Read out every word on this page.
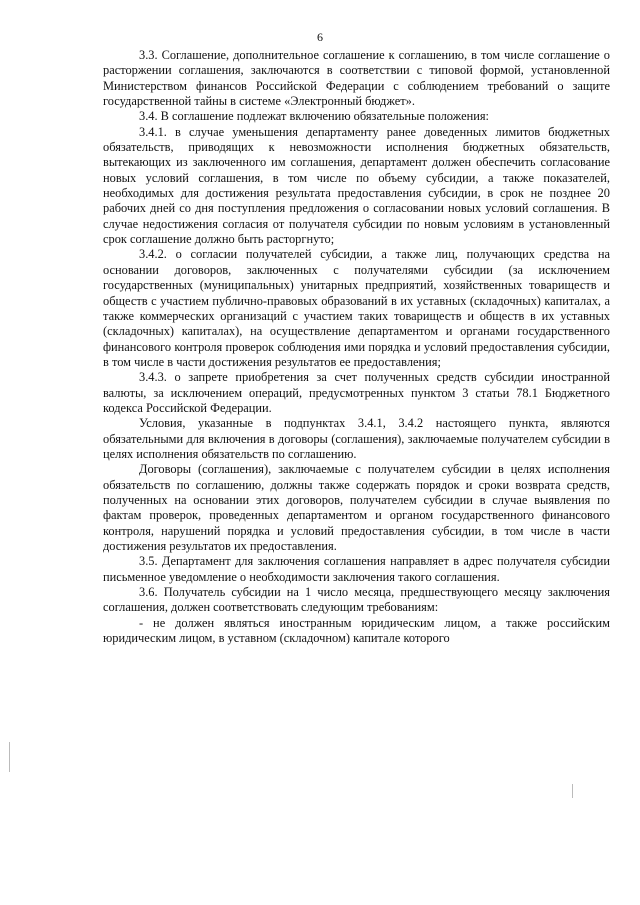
6

3.3. Соглашение, дополнительное соглашение к соглашению, в том числе соглашение о расторжении соглашения, заключаются в соответствии с типовой формой, установленной Министерством финансов Российской Федерации с соблюдением требований о защите государственной тайны в системе «Электронный бюджет».

3.4. В соглашение подлежат включению обязательные положения:

3.4.1. в случае уменьшения департаменту ранее доведенных лимитов бюджетных обязательств, приводящих к невозможности исполнения бюджетных обязательств, вытекающих из заключенного им соглашения, департамент должен обеспечить согласование новых условий соглашения, в том числе по объему субсидии, а также показателей, необходимых для достижения результата предоставления субсидии, в срок не позднее 20 рабочих дней со дня поступления предложения о согласовании новых условий соглашения. В случае недостижения согласия от получателя субсидии по новым условиям в установленный срок соглашение должно быть расторгнуто;

3.4.2. о согласии получателей субсидии, а также лиц, получающих средства на основании договоров, заключенных с получателями субсидии (за исключением государственных (муниципальных) унитарных предприятий, хозяйственных товариществ и обществ с участием публично-правовых образований в их уставных (складочных) капиталах, а также коммерческих организаций с участием таких товариществ и обществ в их уставных (складочных) капиталах), на осуществление департаментом и органами государственного финансового контроля проверок соблюдения ими порядка и условий предоставления субсидии, в том числе в части достижения результатов ее предоставления;

3.4.3. о запрете приобретения за счет полученных средств субсидии иностранной валюты, за исключением операций, предусмотренных пунктом 3 статьи 78.1 Бюджетного кодекса Российской Федерации.

Условия, указанные в подпунктах 3.4.1, 3.4.2 настоящего пункта, являются обязательными для включения в договоры (соглашения), заключаемые получателем субсидии в целях исполнения обязательств по соглашению.

Договоры (соглашения), заключаемые с получателем субсидии в целях исполнения обязательств по соглашению, должны также содержать порядок и сроки возврата средств, полученных на основании этих договоров, получателем субсидии в случае выявления по фактам проверок, проведенных департаментом и органом государственного финансового контроля, нарушений порядка и условий предоставления субсидии, в том числе в части достижения результатов их предоставления.

3.5. Департамент для заключения соглашения направляет в адрес получателя субсидии письменное уведомление о необходимости заключения такого соглашения.

3.6. Получатель субсидии на 1 число месяца, предшествующего месяцу заключения соглашения, должен соответствовать следующим требованиям:

- не должен являться иностранным юридическим лицом, а также российским юридическим лицом, в уставном (складочном) капитале которого
